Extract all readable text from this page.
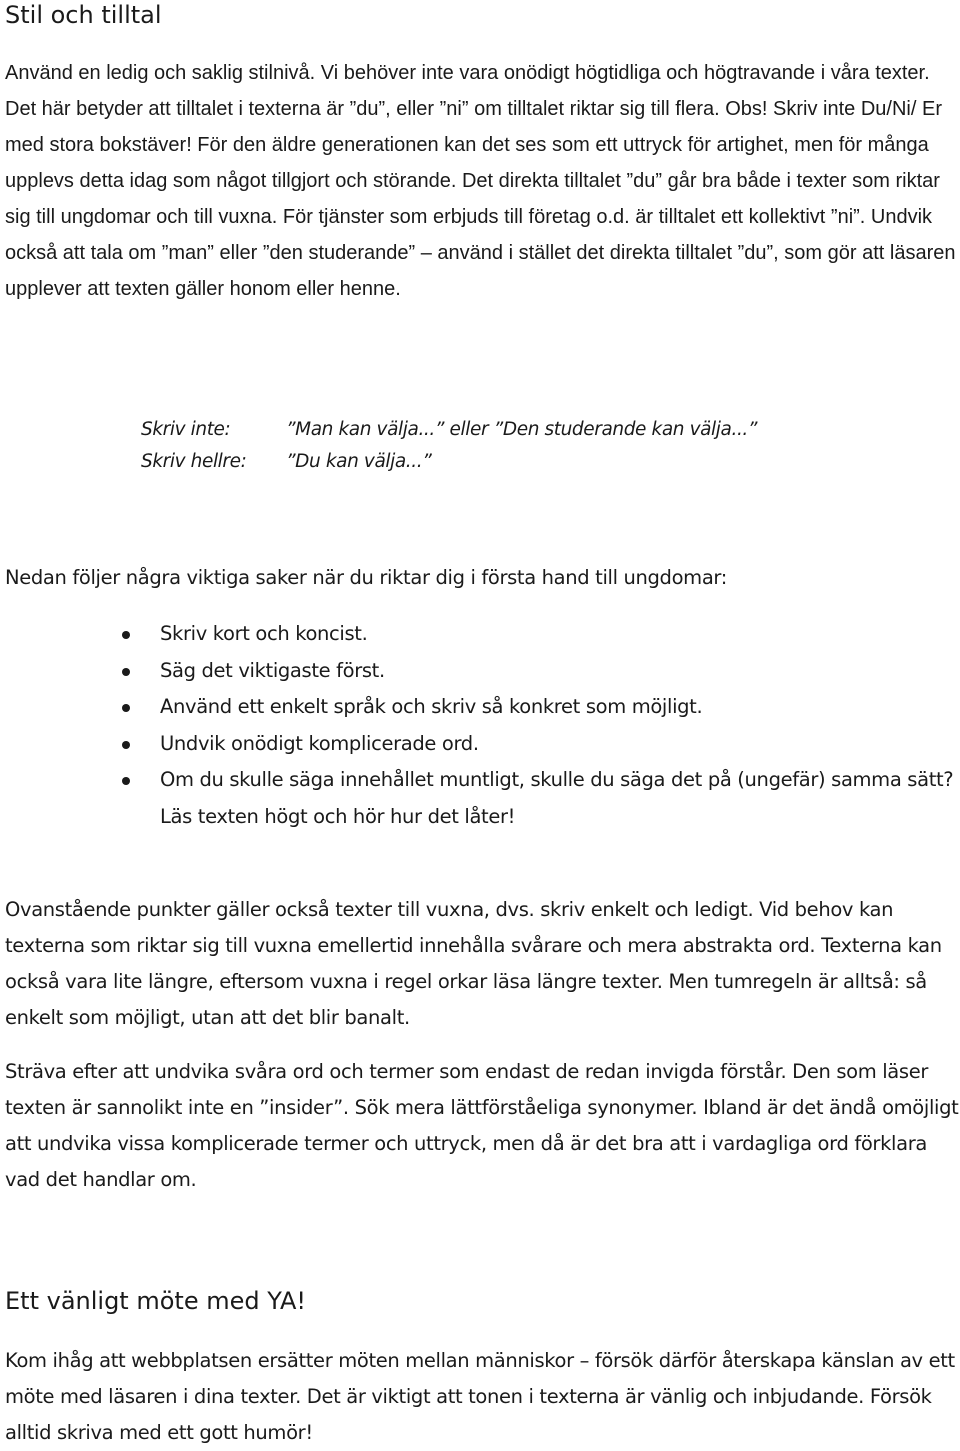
Stil och tilltal

Använd en ledig och saklig stilnivå. Vi behöver inte vara onödigt högtidliga och högtravande i våra texter. Det här betyder att tilltalet i texterna är ”du”, eller ”ni” om tilltalet riktar sig till flera. Obs! Skriv inte Du/Ni/ Er med stora bokstäver! För den äldre generationen kan det ses som ett uttryck för artighet, men för många upplevs detta idag som något tillgjort och störande. Det direkta tilltalet ”du” går bra både i texter som riktar sig till ungdomar och till vuxna. För tjänster som erbjuds till företag o.d. är tilltalet ett kollektivt ”ni”. Undvik också att tala om ”man” eller ”den studerande” – använd i stället det direkta tilltalet ”du”, som gör att läsaren upplever att texten gäller honom eller henne.

Skriv inte:	”Man kan välja...” eller ”Den studerande kan välja...”
Skriv hellre:	”Du kan välja...”

Nedan följer några viktiga saker när du riktar dig i första hand till ungdomar:

Skriv kort och koncist.
Säg det viktigaste först.
Använd ett enkelt språk och skriv så konkret som möjligt.
Undvik onödigt komplicerade ord.
Om du skulle säga innehållet muntligt, skulle du säga det på (ungefär) samma sätt? Läs texten högt och hör hur det låter!

Ovanstående punkter gäller också texter till vuxna, dvs. skriv enkelt och ledigt. Vid behov kan texterna som riktar sig till vuxna emellertid innehålla svårare och mera abstrakta ord. Texterna kan också vara lite längre, eftersom vuxna i regel orkar läsa längre texter. Men tumregeln är alltså: så enkelt som möjligt, utan att det blir banalt.

Sträva efter att undvika svåra ord och termer som endast de redan invigda förstår. Den som läser texten är sannolikt inte en ”insider”. Sök mera lättförståeliga synonymer. Ibland är det ändå omöjligt att undvika vissa komplicerade termer och uttryck, men då är det bra att i vardagliga ord förklara vad det handlar om.

Ett vänligt möte med YA!

Kom ihåg att webbplatsen ersätter möten mellan människor – försök därför återskapa känslan av ett möte med läsaren i dina texter. Det är viktigt att tonen i texterna är vänlig och inbjudande. Försök alltid skriva med ett gott humör!
